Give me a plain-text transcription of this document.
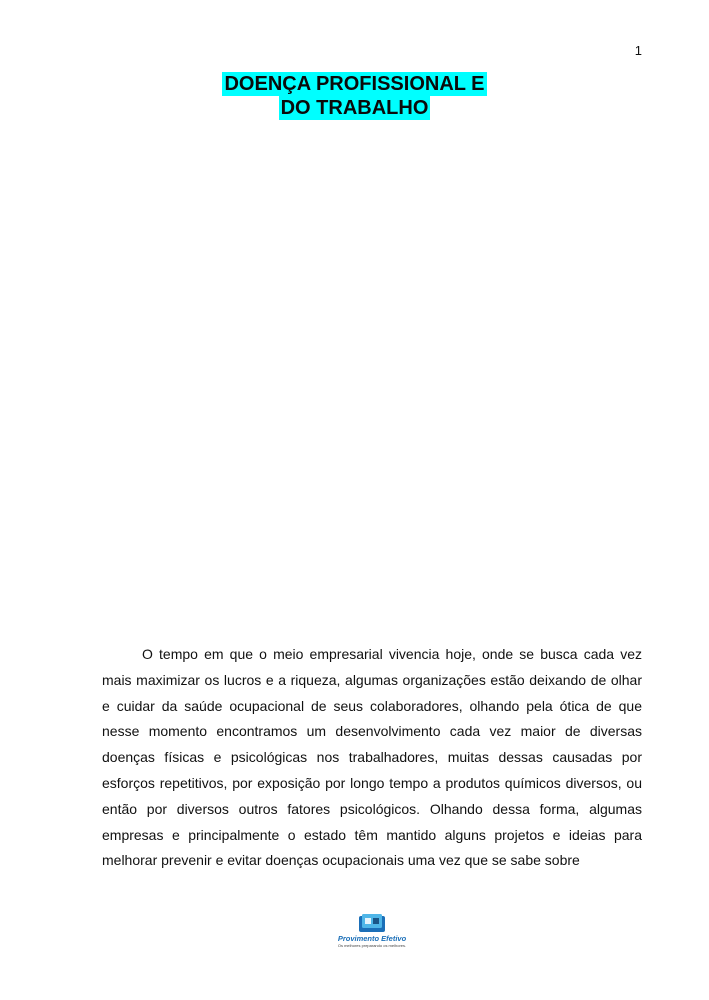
1
DOENÇA PROFISSIONAL E
DO TRABALHO
O tempo em que o meio empresarial vivencia hoje, onde se busca cada vez
mais maximizar os lucros e a riqueza, algumas organizações estão deixando de olhar
e cuidar da saúde ocupacional de seus colaboradores, olhando pela ótica de que
nesse momento encontramos um desenvolvimento cada vez maior de diversas
doenças físicas e psicológicas nos trabalhadores, muitas dessas causadas por
esforços repetitivos, por exposição por longo tempo a produtos químicos diversos, ou
então por diversos outros fatores psicológicos. Olhando dessa forma, algumas
empresas e principalmente o estado têm mantido alguns projetos e ideias para
melhorar prevenir e evitar doenças ocupacionais uma vez que se sabe sobre
Provimento Efetivo
Os melhores preparando os melhores.
